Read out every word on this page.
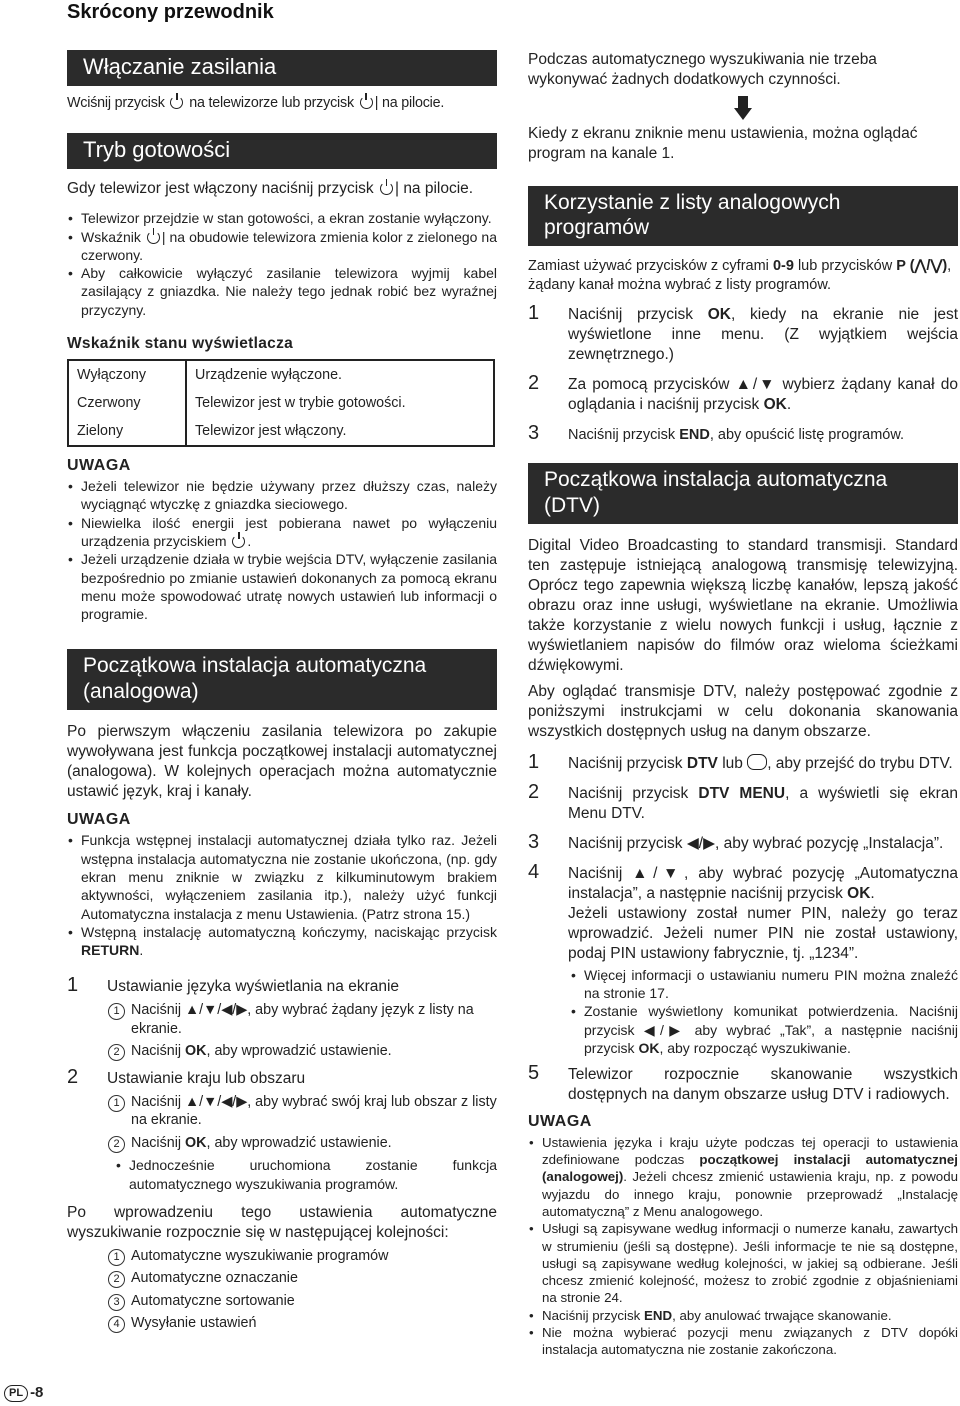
Skrócony przewodnik
Włączanie zasilania

Wciśnij przycisk na telewizorze lub przycisk | na pilocie.

Tryb gotowości

Gdy telewizor jest włączony naciśnij przycisk | na pilocie.

• Telewizor przejdzie w stan gotowości, a ekran zostanie wyłączony.
• Wskaźnik | na obudowie telewizora zmienia kolor z zielonego na czerwony.
• Aby całkowicie wyłączyć zasilanie telewizora wyjmij kabel zasilający z gniazdka. Nie należy tego jednak robić bez wyraźnej przyczyny.

Wskaźnik stanu wyświetlacza

Wyłączony	Urządzenie wyłączone.
Czerwony	Telewizor jest w trybie gotowości.
Zielony	Telewizor jest włączony.

UWAGA

• Jeżeli telewizor nie będzie używany przez dłuższy czas, należy wyciągnąć wtyczkę z gniazdka sieciowego.
• Niewielka ilość energii jest pobierana nawet po wyłączeniu urządzenia przyciskiem .
• Jeżeli urządzenie działa w trybie wejścia DTV, wyłączenie zasilania bezpośrednio po zmianie ustawień dokonanych za pomocą ekranu menu może spowodować utratę nowych ustawień lub informacji o programie.
Początkowa instalacja automatyczna
(analogowa)

Po pierwszym włączeniu zasilania telewizora po zakupie wywoływana jest funkcja początkowej instalacji automatycznej (analogowa). W kolejnych operacjach można automatycznie ustawić język, kraj i kanały.

UWAGA

• Funkcja wstępnej instalacji automatycznej działa tylko raz. Jeżeli wstępna instalacja automatyczna nie zostanie ukończona, (np. gdy ekran menu zniknie w związku z kilkuminutowym brakiem aktywności, wyłączeniem zasilania itp.), należy użyć funkcji Automatyczna instalacja z menu Ustawienia. (Patrz strona 15.)
• Wstępną instalację automatyczną kończymy, naciskając przycisk RETURN.
1 Ustawianie języka wyświetlania na ekranie
1 Naciśnij ▲/▼/◀/▶, aby wybrać żądany język z listy na ekranie.
2 Naciśnij OK, aby wprowadzić ustawienie.
2 Ustawianie kraju lub obszaru
1 Naciśnij ▲/▼/◀/▶, aby wybrać swój kraj lub obszar z listy na ekranie.
2 Naciśnij OK, aby wprowadzić ustawienie.
• Jednocześnie uruchomiona zostanie funkcja automatycznego wyszukiwania programów.

Po wprowadzeniu tego ustawienia automatyczne wyszukiwanie rozpocznie się w następującej kolejności:

1 Automatyczne wyszukiwanie programów
2 Automatyczne oznaczanie
3 Automatyczne sortowanie
4 Wysyłanie ustawień

Podczas automatycznego wyszukiwania nie trzeba wykonywać żadnych dodatkowych czynności.

Kiedy z ekranu zniknie menu ustawienia, można oglądać program na kanale 1.

Korzystanie z listy analogowych
programów

Zamiast używać przycisków z cyframi 0-9 lub przycisków P (⋀/⋁), żądany kanał można wybrać z listy programów.

1 Naciśnij przycisk OK, kiedy na ekranie nie jest wyświetlone inne menu. (Z wyjątkiem wejścia zewnętrznego.)
2 Za pomocą przycisków ▲/▼ wybierz żądany kanał do oglądania i naciśnij przycisk OK.
3 Naciśnij przycisk END, aby opuścić listę programów.
Początkowa instalacja automatyczna
(DTV)

Digital Video Broadcasting to standard transmisji. Standard ten zastępuje istniejącą analogową transmisję telewizyjną. Oprócz tego zapewnia większą liczbę kanałów, lepszą jakość obrazu oraz inne usługi, wyświetlane na ekranie. Umożliwia także korzystanie z wielu nowych funkcji i usług, łącznie z wyświetlaniem napisów do filmów oraz wieloma ścieżkami dźwiękowymi.

Aby oglądać transmisje DTV, należy postępować zgodnie z poniższymi instrukcjami w celu dokonania skanowania wszystkich dostępnych usług na danym obszarze.

1 Naciśnij przycisk DTV lub , aby przejść do trybu DTV.
2 Naciśnij przycisk DTV MENU, a wyświetli się ekran Menu DTV.
3 Naciśnij przycisk ◀/▶, aby wybrać pozycję „Instalacja”.
4 Naciśnij ▲/▼, aby wybrać pozycję „Automatyczna instalacja”, a następnie naciśnij przycisk OK.
Jeżeli ustawiony został numer PIN, należy go teraz wprowadzić. Jeżeli numer PIN nie został ustawiony, podaj PIN ustawiony fabrycznie, tj. „1234”.
• Więcej informacji o ustawianiu numeru PIN można znaleźć na stronie 17.
• Zostanie wyświetlony komunikat potwierdzenia. Naciśnij przycisk ◀/▶ aby wybrać „Tak”, a następnie naciśnij przycisk OK, aby rozpocząć wyszukiwanie.
5 Telewizor rozpocznie skanowanie wszystkich dostępnych na danym obszarze usług DTV i radiowych.

UWAGA

• Ustawienia języka i kraju użyte podczas tej operacji to ustawienia zdefiniowane podczas początkowej instalacji automatycznej (analogowej). Jeżeli chcesz zmienić ustawienia kraju, np. z powodu wyjazdu do innego kraju, ponownie przeprowadź „Instalację automatyczną” z Menu analogowego.
• Usługi są zapisywane według informacji o numerze kanału, zawartych w strumieniu (jeśli są dostępne). Jeśli informacje te nie są dostępne, usługi są zapisywane według kolejności, w jakiej są odbierane. Jeśli chcesz zmienić kolejność, możesz to zrobić zgodnie z objaśnieniami na stronie 24.
• Naciśnij przycisk END, aby anulować trwające skanowanie.
• Nie można wybierać pozycji menu związanych z DTV dopóki instalacja automatyczna nie zostanie zakończona.
PL -8
